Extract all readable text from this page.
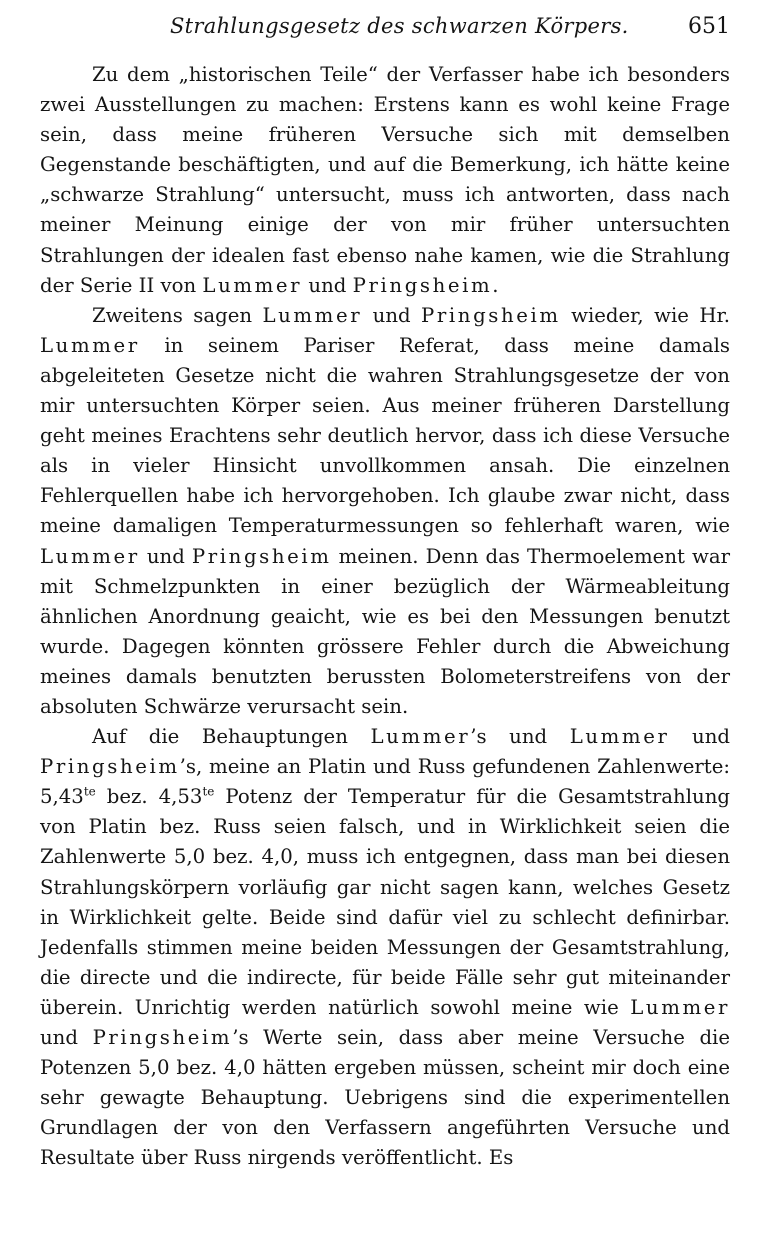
Strahlungsgesetz des schwarzen Körpers.	651

Zu dem „historischen Teile“ der Verfasser habe ich besonders zwei Ausstellungen zu machen: Erstens kann es wohl keine Frage sein, dass meine früheren Versuche sich mit demselben Gegenstande beschäftigten, und auf die Bemerkung, ich hätte keine „schwarze Strahlung“ untersucht, muss ich antworten, dass nach meiner Meinung einige der von mir früher untersuchten Strahlungen der idealen fast ebenso nahe kamen, wie die Strahlung der Serie II von Lummer und Pringsheim.

Zweitens sagen Lummer und Pringsheim wieder, wie Hr. Lummer in seinem Pariser Referat, dass meine damals abgeleiteten Gesetze nicht die wahren Strahlungsgesetze der von mir untersuchten Körper seien. Aus meiner früheren Darstellung geht meines Erachtens sehr deutlich hervor, dass ich diese Versuche als in vieler Hinsicht unvollkommen ansah. Die einzelnen Fehlerquellen habe ich hervorgehoben. Ich glaube zwar nicht, dass meine damaligen Temperaturmessungen so fehlerhaft waren, wie Lummer und Pringsheim meinen. Denn das Thermoelement war mit Schmelzpunkten in einer bezüglich der Wärmeableitung ähnlichen Anordnung geaicht, wie es bei den Messungen benutzt wurde. Dagegen könnten grössere Fehler durch die Abweichung meines damals benutzten berussten Bolometerstreifens von der absoluten Schwärze verursacht sein.

Auf die Behauptungen Lummer’s und Lummer und Pringsheim’s, meine an Platin und Russ gefundenen Zahlenwerte: $5,43^{te}$ bez. $4,53^{te}$ Potenz der Temperatur für die Gesamtstrahlung von Platin bez. Russ seien falsch, und in Wirklichkeit seien die Zahlenwerte 5,0 bez. 4,0, muss ich entgegnen, dass man bei diesen Strahlungskörpern vorläufig gar nicht sagen kann, welches Gesetz in Wirklichkeit gelte. Beide sind dafür viel zu schlecht definirbar. Jedenfalls stimmen meine beiden Messungen der Gesamtstrahlung, die directe und die indirecte, für beide Fälle sehr gut miteinander überein. Unrichtig werden natürlich sowohl meine wie Lummer und Pringsheim’s Werte sein, dass aber meine Versuche die Potenzen 5,0 bez. 4,0 hätten ergeben müssen, scheint mir doch eine sehr gewagte Behauptung. Uebrigens sind die experimentellen Grundlagen der von den Verfassern angeführten Versuche und Resultate über Russ nirgends veröffentlicht. Es
